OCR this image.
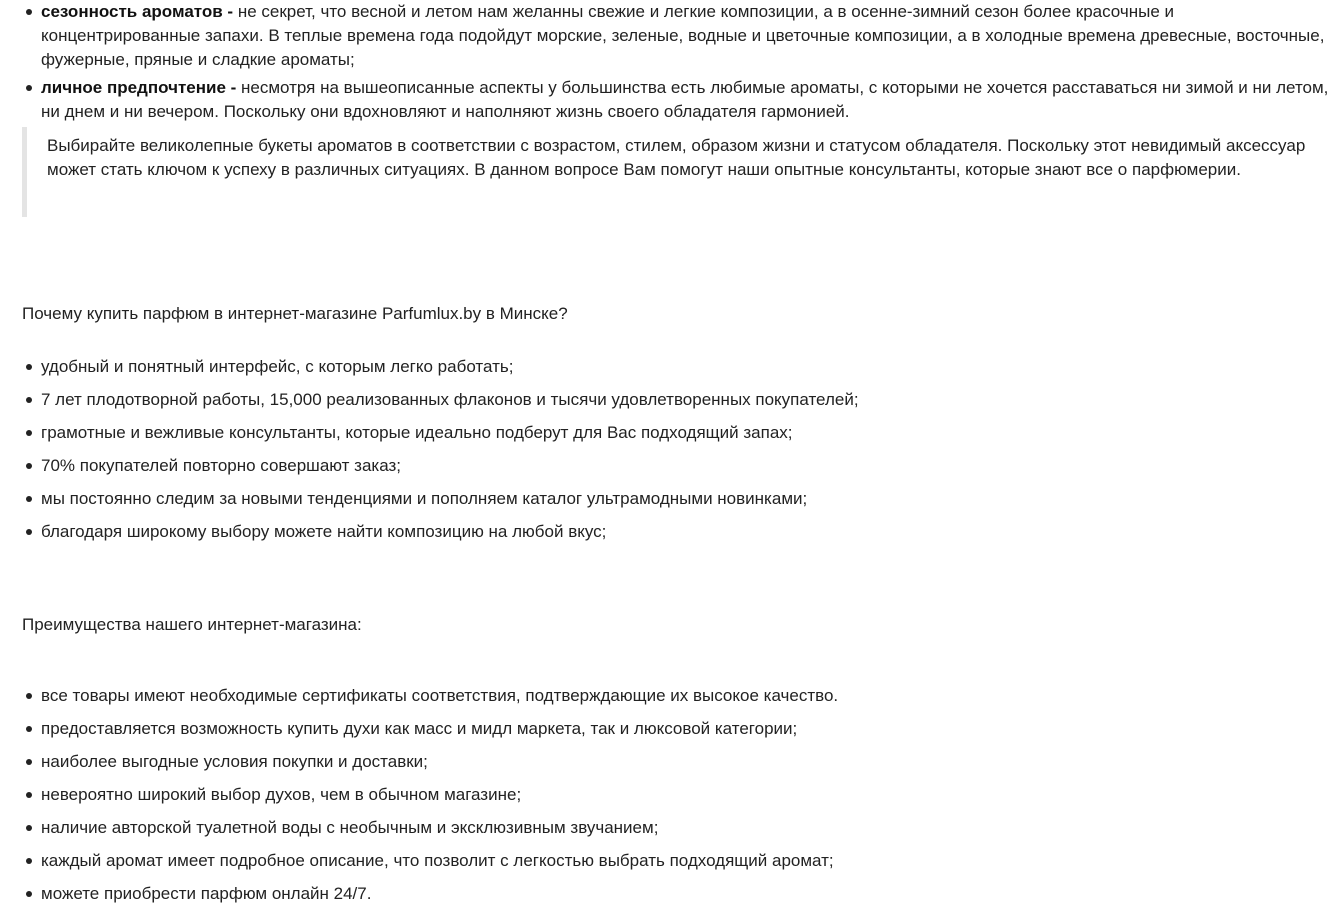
сезонность ароматов - не секрет, что весной и летом нам желанны свежие и легкие композиции, а в осенне-зимний сезон более красочные и концентрированные запахи. В теплые времена года подойдут морские, зеленые, водные и цветочные композиции, а в холодные времена древесные, восточные, фужерные, пряные и сладкие ароматы;
личное предпочтение - несмотря на вышеописанные аспекты у большинства есть любимые ароматы, с которыми не хочется расставаться ни зимой и ни летом, ни днем и ни вечером. Поскольку они вдохновляют и наполняют жизнь своего обладателя гармонией.
Выбирайте великолепные букеты ароматов в соответствии с возрастом, стилем, образом жизни и статусом обладателя. Поскольку этот невидимый аксессуар может стать ключом к успеху в различных ситуациях. В данном вопросе Вам помогут наши опытные консультанты, которые знают все о парфюмерии.
Почему купить парфюм в интернет-магазине Parfumlux.by в Минске?
удобный и понятный интерфейс, с которым легко работать;
7 лет плодотворной работы, 15,000 реализованных флаконов и тысячи удовлетворенных покупателей;
грамотные и вежливые консультанты, которые идеально подберут для Вас подходящий запах;
70% покупателей повторно совершают заказ;
мы постоянно следим за новыми тенденциями и пополняем каталог ультрамодными новинками;
благодаря широкому выбору можете найти композицию на любой вкус;
Преимущества нашего интернет-магазина:
все товары имеют необходимые сертификаты соответствия, подтверждающие их высокое качество.
предоставляется возможность купить духи как масс и мидл маркета, так и люксовой категории;
наиболее выгодные условия покупки и доставки;
невероятно широкий выбор духов, чем в обычном магазине;
наличие авторской туалетной воды с необычным и эксклюзивным звучанием;
каждый аромат имеет подробное описание, что позволит с легкостью выбрать подходящий аромат;
можете приобрести парфюм онлайн 24/7.
